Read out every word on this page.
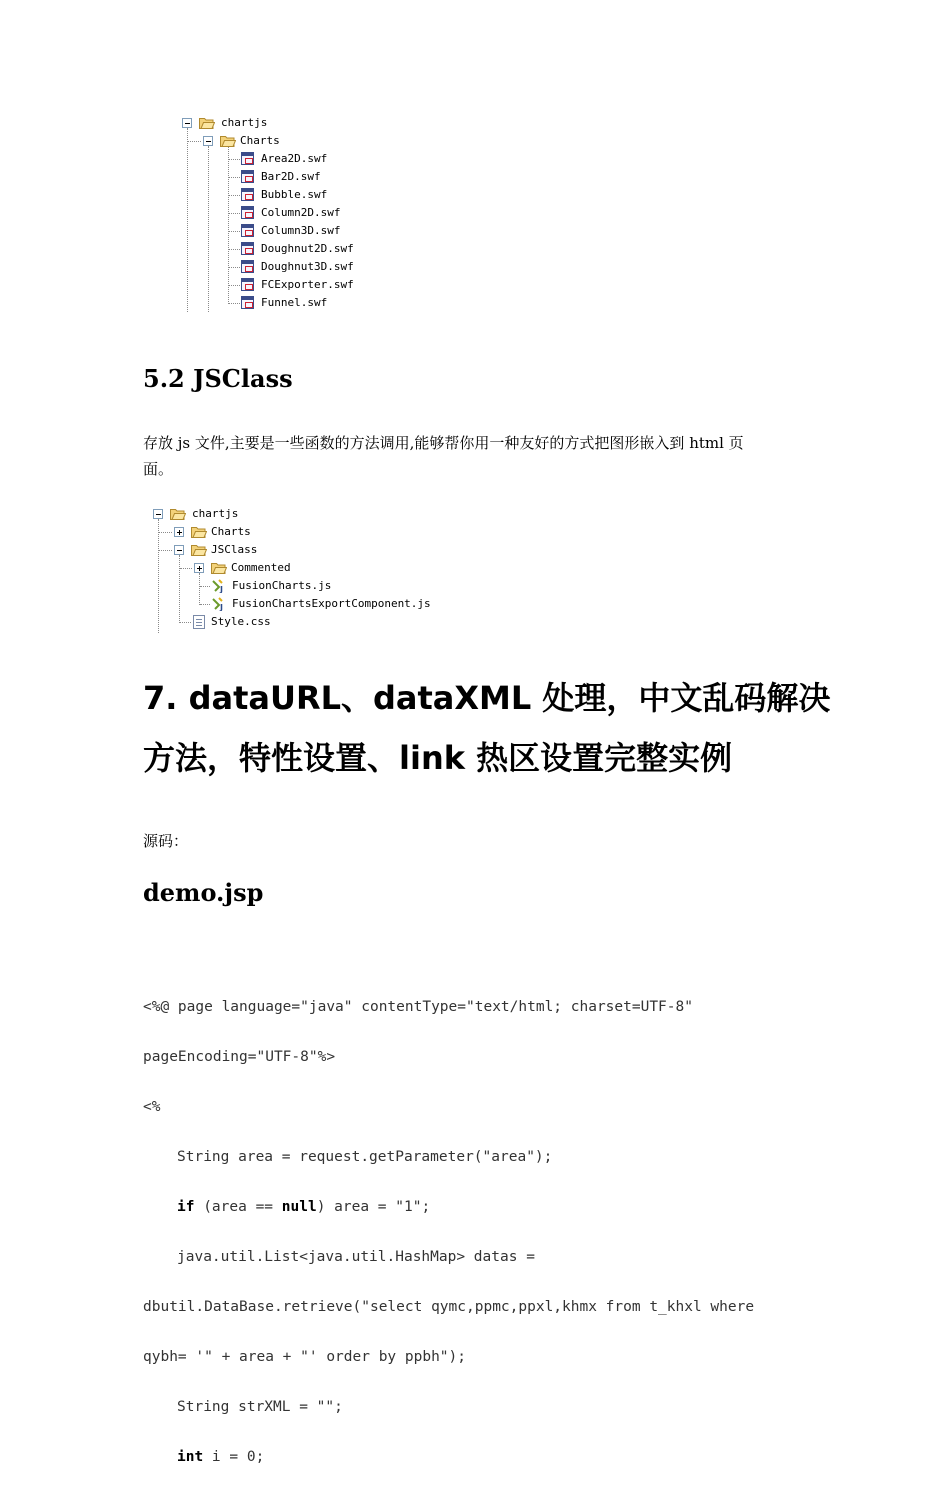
chartjs
Charts
Area2D.swf
Bar2D.swf
Bubble.swf
Column2D.swf
Column3D.swf
Doughnut2D.swf
Doughnut3D.swf
FCExporter.swf
Funnel.swf
5.2 JSClass
存放 js 文件,主要是一些函数的方法调用,能够帮你用一种友好的方式把图形嵌入到 html 页
面。
chartjs
Charts
JSClass
Commented
J FusionCharts.js
J FusionChartsExportComponent.js
Style.css
7. dataURL、dataXML 处理，中文乱码解决
方法，特性设置、link 热区设置完整实例
源码：
demo.jsp

<%@ page language="java" contentType="text/html; charset=UTF-8"

pageEncoding="UTF-8"%>

<%

String area = request.getParameter("area");

if (area == null) area = "1";

java.util.List<java.util.HashMap> datas =

dbutil.DataBase.retrieve("select qymc,ppmc,ppxl,khmx from t_khxl where

qybh= '" + area + "' order by ppbh");

String strXML = "";

int i = 0;
